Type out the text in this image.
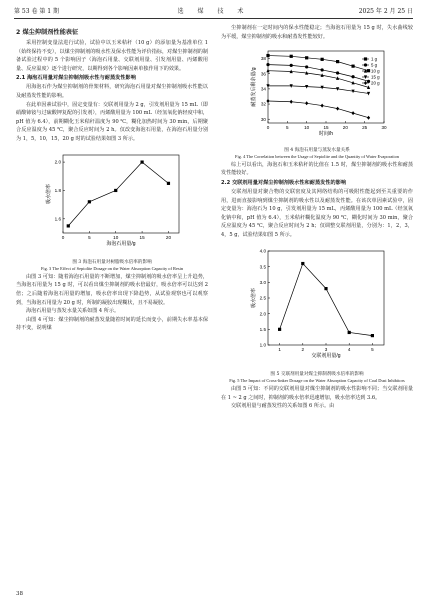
第 53 卷 第 1 期	选 煤 技 术	2025 年 2 月 25 日
2 煤尘抑制剂性能表征

采用控制变量法进行试验，试验中以玉米秸秆（10 g）的添加量为基准单位 1（始终保持不变），以煤尘抑制剂的吸水性及保水性能为评价指标，对煤尘抑制剂的制备试验过程中的 5 个影响因子（海泡石用量、交联剂用量、引发剂用量、丙烯酸用量、反应温度）逐个进行研究，以期得到各个影响因素单独作用下的效果。

2.1 海泡石用量对煤尘抑制剂吸水性与耐蒸发性影响

用海泡石作为煤尘抑制剂的骨架材料，研究海泡石用量对煤尘抑制剂吸水性能以及耐蒸发性能的影响。

在此单因素试验中，固定变量有：交联剂用量为 2 g，引发剂用量为 15 mL（即硝酸铈铵与过硫酸钾复配的引发剂），丙烯酸用量为 100 mL（经氢氧化钠轻度中和，pH 值为 6.4），前期糊化玉米秸秆温度为 90 ℃，糊化加热时间为 30 min，后期聚合反应温度为 45 ℃，聚合反应时间为 2 h。仅改变海泡石用量，在海泡石用量分别为 1，5，10，15，20 g 时的试验结果如图 3 所示。

0	5	10	15	20
1.6
1.8
2.0
海泡石用量/g
吸水倍率
图 3 海泡石用量对树脂吸水倍率的影响
Fig. 3 The Effect of Sepiolite Dosage on the Water Absorption Capacity of Resin

由图 3 可知：随着海泡石用量的不断增加，煤尘抑制剂的吸水倍率呈上升趋势，当海泡石用量为 15 g 时，可以看出煤尘抑制剂的吸水倍最好，吸水倍率可以达到 2 倍；之后随着海泡石用量的增加，吸水倍率出现下降趋势，从试验观察也可以观察到，当海泡石用量为 20 g 时，所制的凝胶出现糊状，且不易凝胶。

海泡石用量与蒸发水量关系如图 4 所示。

由图 4 可知：煤尘抑制剂的耐蒸发量随着时间的延长而变小，前期失水率基本保持不变，说明煤

尘抑制剂在一定时间内的保水性能稳定；当海泡石用量为 15 g 时，失水曲线较为平缓，煤尘抑制剂的吸水和耐蒸发性能较好。

0	5	10	15	20	25	30
30
32
34
36
38
时间/h
耐蒸发后剩余量/g
1 g
5 g
10 g
15 g
20 g
图 4 海泡石用量与蒸发水量关系
Fig. 4 The Correlation between the Usage of Sepiolite and the Quantity of Water Evaporation

综上可以看出，海泡石和玉米秸秆的比值在 1.5 时，煤尘抑制剂的吸水性和耐蒸发性能较好。

2.2 交联剂用量对煤尘抑制剂吸水性和耐蒸发性的影响

交联剂用量对聚合物的交联密度及其网络结构的可吸附性能起到至关重要的作用，进而直接影响到煤尘抑制剂的吸水性以及耐蒸发性能。在该次单因素试验中，固定变量为：海泡石为 10 g，引发剂用量为 15 mL，丙烯酸用量为 100 mL（经氢氧化钠中和，pH 值为 6.4），玉米秸秆糊化温度为 90 ℃，糊化时间为 30 min，聚合反应温度为 45 ℃，聚合反应时间为 2 h；仅调整交联剂用量，分别为：1，2，3，4，5 g，试验结果如图 5 所示。

1	2	3	4	5
1.0
1.5
2.0
2.5
3.0
3.5
4.0
交联剂用量/g
吸水倍率
图 5 交联剂用量对煤尘抑制剂吸水倍率的影响
Fig. 5 The Impact of Cross-linker Dosage on the Water Absorption Capacity of Coal Dust Inhibitors

由图 5 可知：不同的交联剂用量对煤尘抑制剂的吸水性影响不同；当交联剂用量在 1 ~ 2 g 之间时，抑制剂的吸水倍率迅速增加，吸水倍率达到 3.6。

交联剂用量与耐蒸发性的关系如图 6 所示。由

38
